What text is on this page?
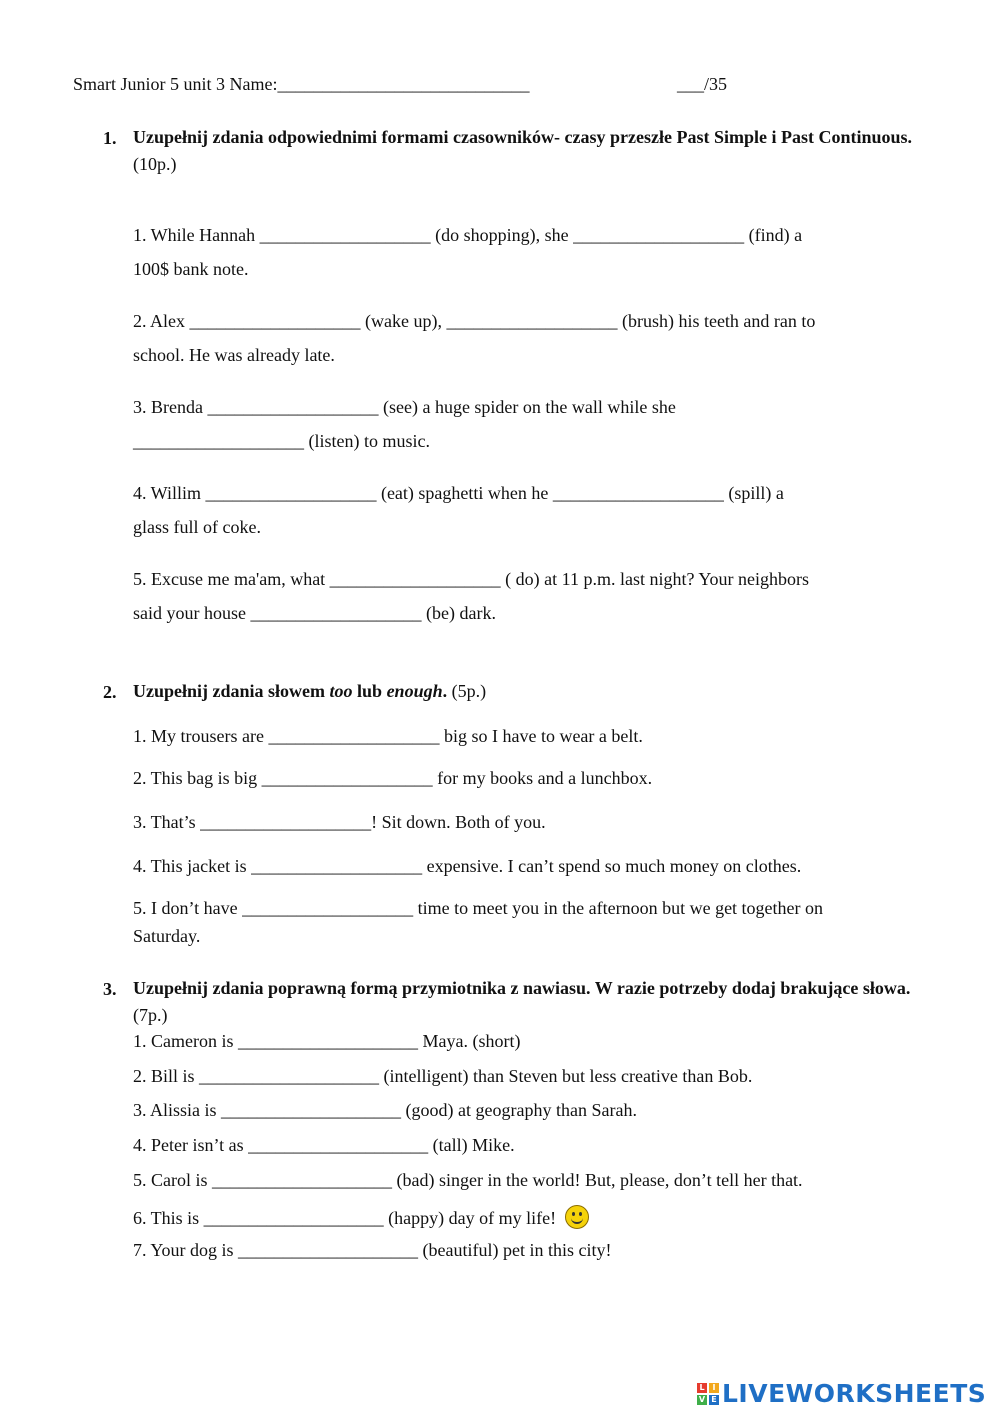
Smart Junior 5 unit 3 Name:____________________________	___/35
1. Uzupełnij zdania odpowiednimi formami czasowników- czasy przeszłe Past Simple i Past Continuous. (10p.)
1. While Hannah ___________________ (do shopping), she ___________________ (find) a
100$ bank note.
2. Alex ___________________ (wake up), ___________________ (brush) his teeth and ran to
school. He was already late.
3. Brenda ___________________ (see) a huge spider on the wall while she
___________________ (listen) to music.
4. Willim ___________________ (eat) spaghetti when he ___________________ (spill) a
glass full of coke.
5. Excuse me ma'am, what ___________________ ( do) at 11 p.m. last night? Your neighbors
said your house ___________________ (be) dark.
2. Uzupełnij zdania słowem too lub enough. (5p.)
1. My trousers are ___________________ big so I have to wear a belt.
2. This bag is big ___________________ for my books and a lunchbox.
3. That’s ___________________! Sit down. Both of you.
4. This jacket is ___________________ expensive. I can’t spend so much money on clothes.
5. I don’t have ___________________ time to meet you in the afternoon but we get together on
Saturday.
3. Uzupełnij zdania poprawną formą przymiotnika z nawiasu. W razie potrzeby dodaj brakujące słowa. (7p.)
1. Cameron is ____________________ Maya. (short)
2. Bill is ____________________ (intelligent) than Steven but less creative than Bob.
3. Alissia is ____________________ (good) at geography than Sarah.
4. Peter isn’t as ____________________ (tall) Mike.
5. Carol is ____________________ (bad) singer in the world! But, please, don’t tell her that.
6. This is ____________________ (happy) day of my life!
7. Your dog is ____________________ (beautiful) pet in this city!
L I
V E LIVEWORKSHEETS
